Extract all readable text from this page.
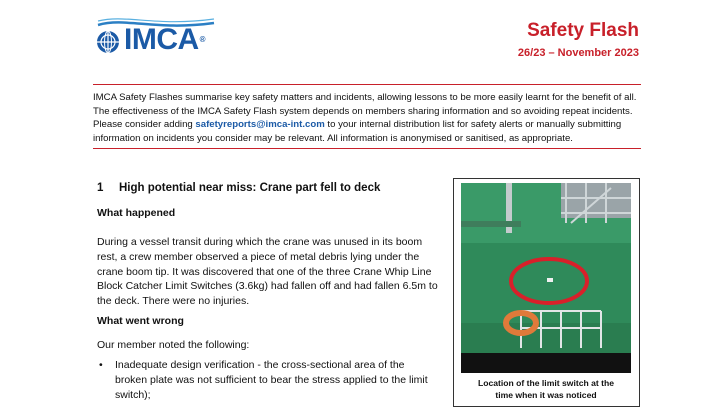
IMCA®	Safety Flash
26/23 – November 2023
IMCA Safety Flashes summarise key safety matters and incidents, allowing lessons to be more easily learnt for the benefit of all.
The effectiveness of the IMCA Safety Flash system depends on members sharing information and so avoiding repeat incidents.
Please consider adding safetyreports@imca-int.com to your internal distribution list for safety alerts or manually submitting
information on incidents you consider may be relevant. All information is anonymised or sanitised, as appropriate.
1 High potential near miss: Crane part fell to deck
What happened
During a vessel transit during which the crane was unused in its boom
rest, a crew member observed a piece of metal debris lying under the
crane boom tip. It was discovered that one of the three Crane Whip Line
Block Catcher Limit Switches (3.6kg) had fallen off and had fallen 6.5m to
the deck. There were no injuries.
What went wrong
Our member noted the following:
• Inadequate design verification - the cross-sectional area of the
broken plate was not sufficient to bear the stress applied to the limit
switch);
Location of the limit switch at the
time when it was noticed
